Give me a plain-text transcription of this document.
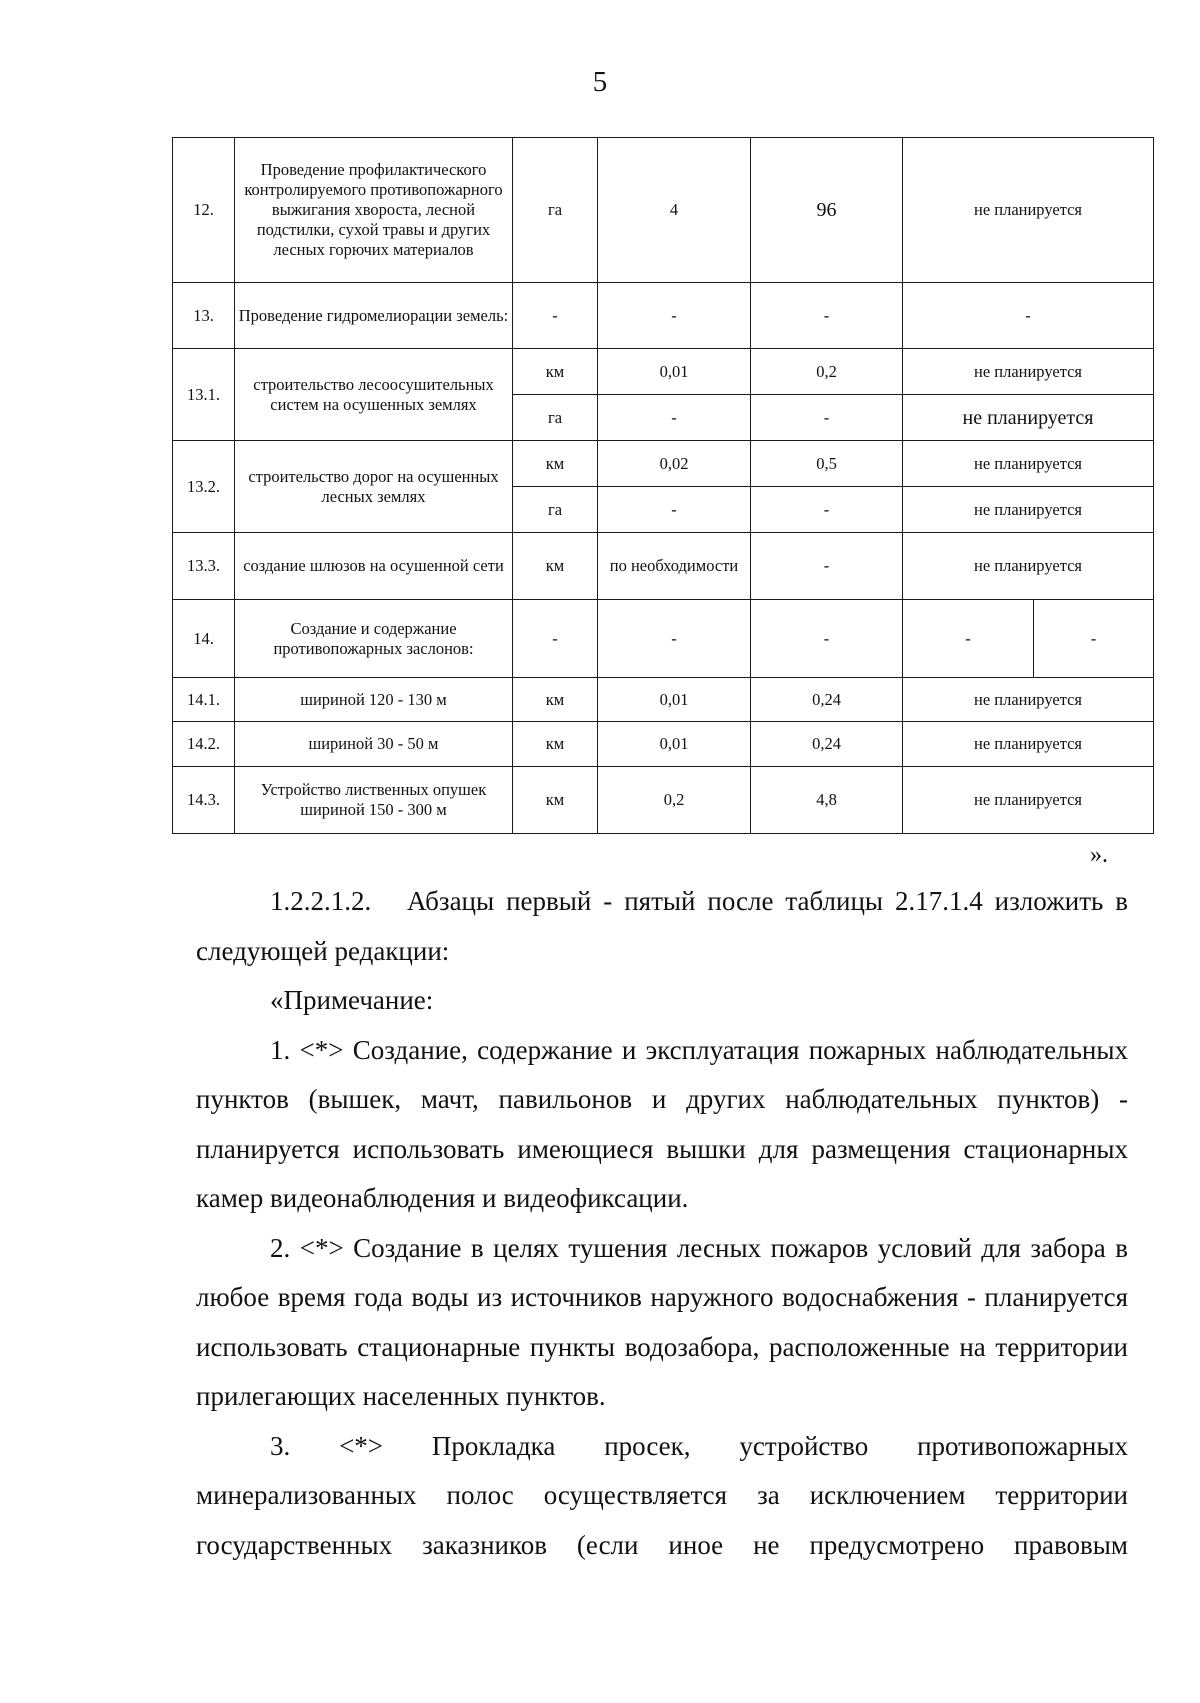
5
12.	Проведение профилактического контролируемого противопожарного выжигания хвороста, лесной подстилки, сухой травы и других лесных горючих материалов	га	4	96	не планируется	
13.	Проведение гидромелиорации земель:	-	-	-	-	
13.1.	строительство лесоосушительных систем на осушенных землях	км	0,01	0,2	не планируется	
		га	-	-	не планируется	
13.2.	строительство дорог на осушенных лесных землях	км	0,02	0,5	не планируется	
		га	-	-	не планируется	
13.3.	создание шлюзов на осушенной сети	км	по необходимости	-	не планируется	
14.	Создание и содержание противопожарных заслонов:	-	-	-	-	-
14.1.	шириной 120 - 130 м	км	0,01	0,24	не планируется	
14.2.	шириной 30 - 50 м	км	0,01	0,24	не планируется	
14.3.	Устройство лиственных опушек шириной 150 - 300 м	км	0,2	4,8	не планируется	
».

1.2.2.1.2.   Абзацы первый - пятый после таблицы 2.17.1.4 изложить в следующей редакции:

«Примечание:

1. <*> Создание, содержание и эксплуатация пожарных наблюдательных пунктов (вышек, мачт, павильонов и других наблюдательных пунктов) - планируется использовать имеющиеся вышки для размещения стационарных камер видеонаблюдения и видеофиксации.

2. <*> Создание в целях тушения лесных пожаров условий для забора в любое время года воды из источников наружного водоснабжения - планируется использовать стационарные пункты водозабора, расположенные на территории прилегающих населенных пунктов.

3. <*> Прокладка просек, устройство противопожарных минерализованных полос осуществляется за исключением территории государственных заказников (если иное не предусмотрено правовым
